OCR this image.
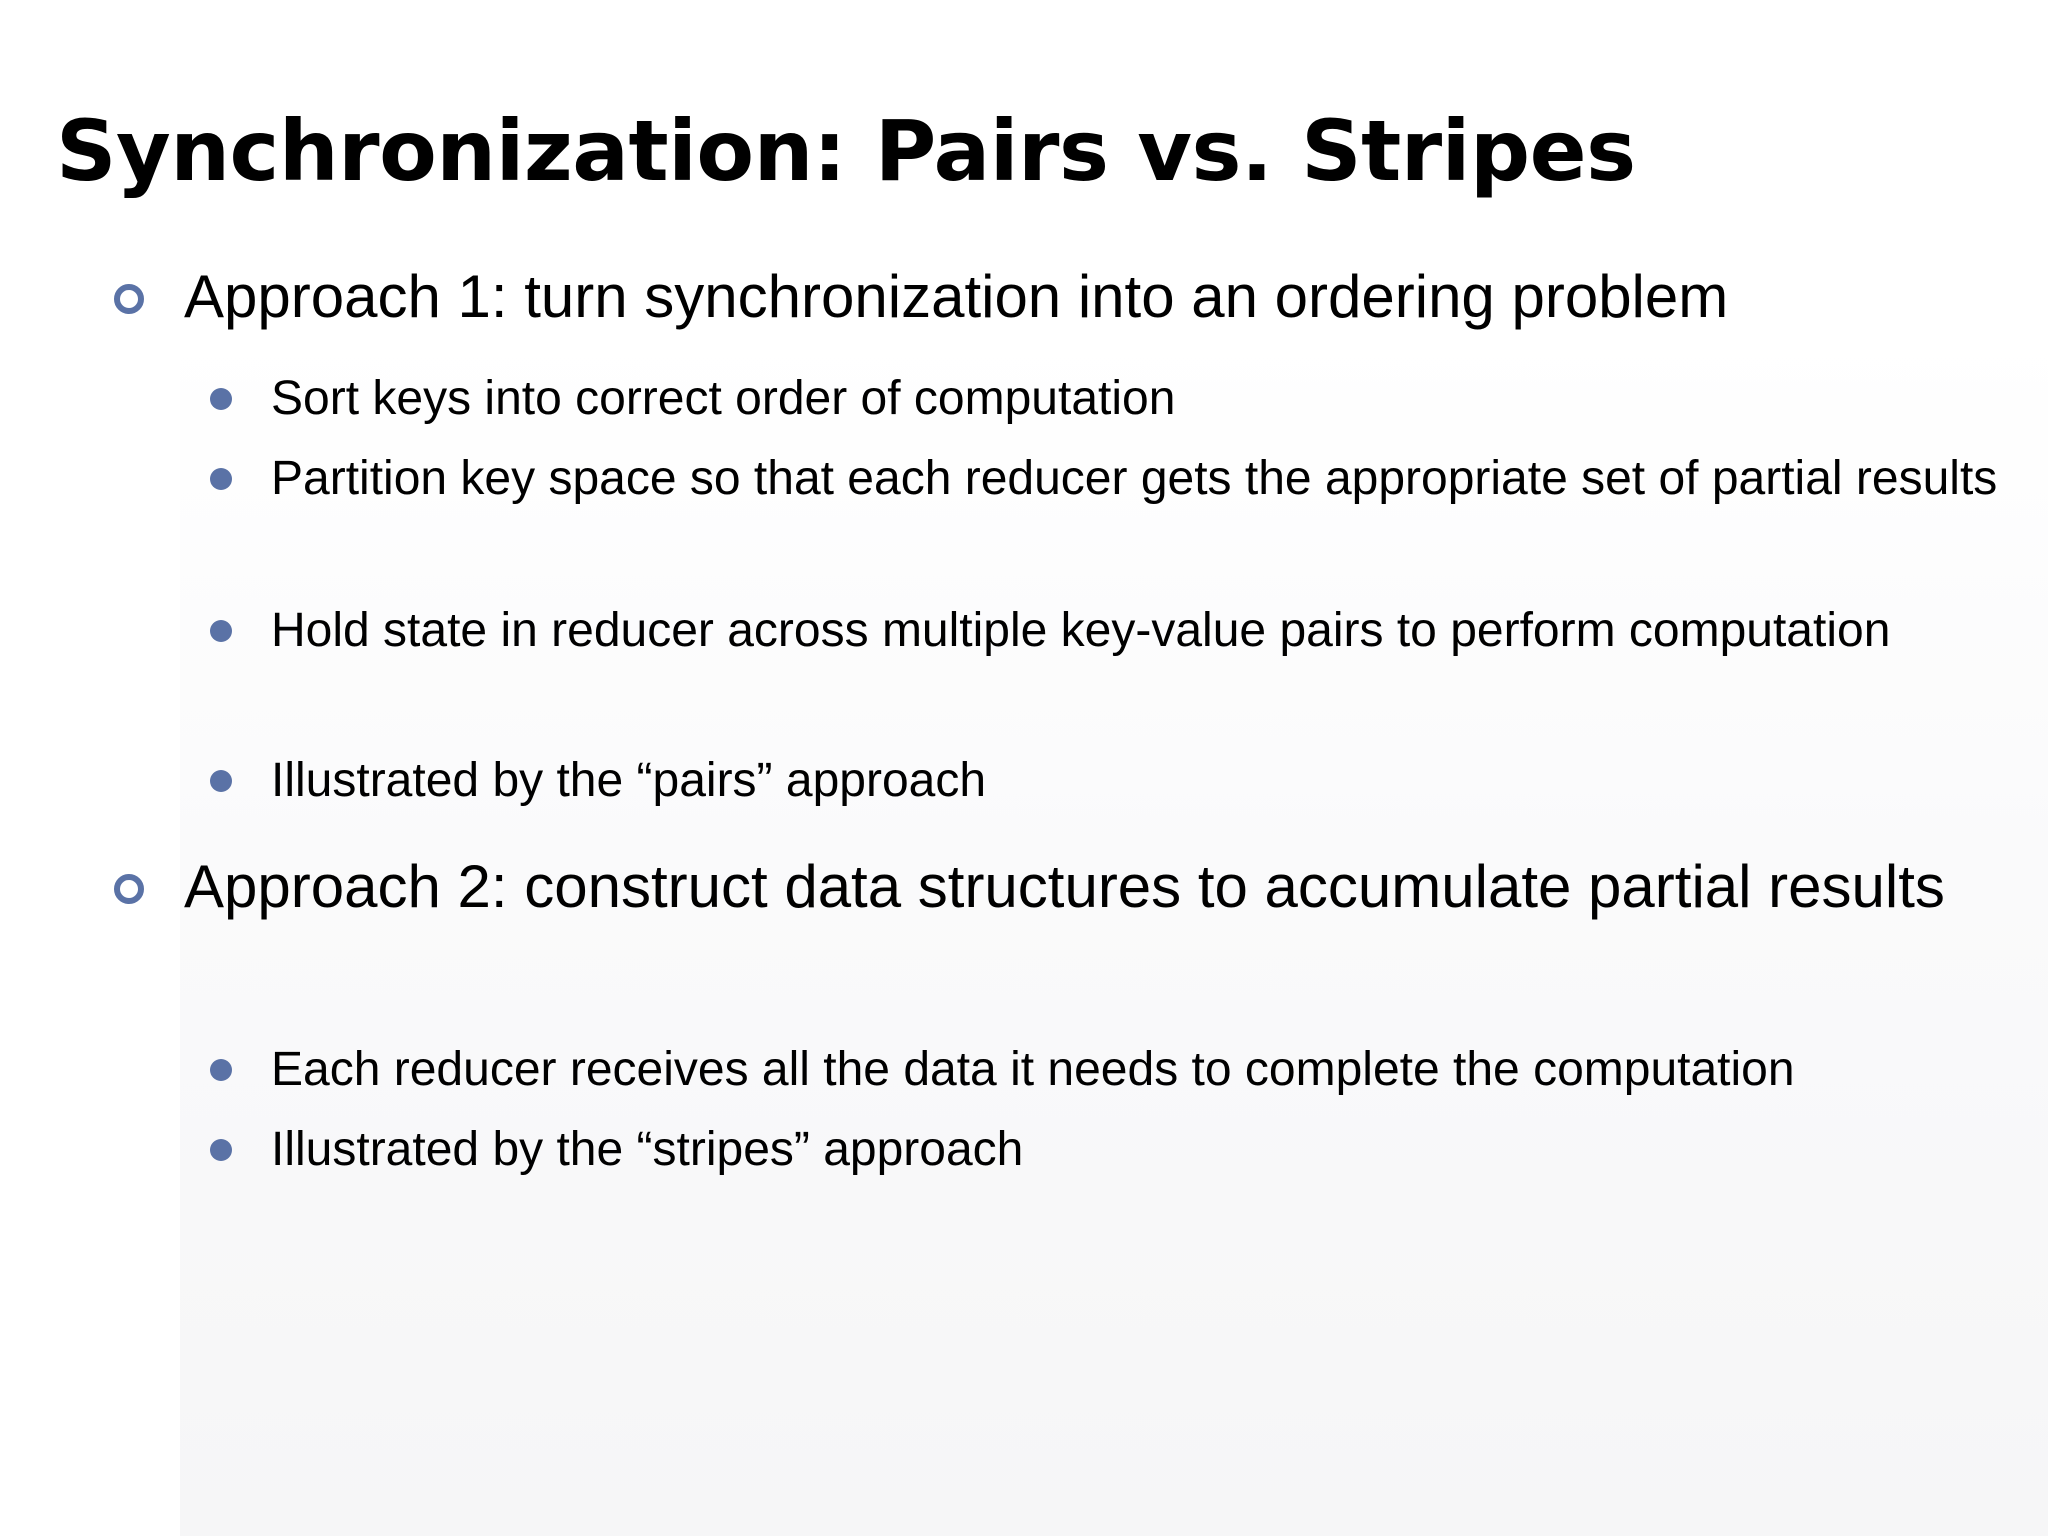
Synchronization: Pairs vs. Stripes
Approach 1: turn synchronization into an ordering problem
Sort keys into correct order of computation
Partition key space so that each reducer gets the appropriate set of partial results
Hold state in reducer across multiple key-value pairs to perform computation
Illustrated by the “pairs” approach
Approach 2: construct data structures to accumulate partial results
Each reducer receives all the data it needs to complete the computation
Illustrated by the “stripes” approach
